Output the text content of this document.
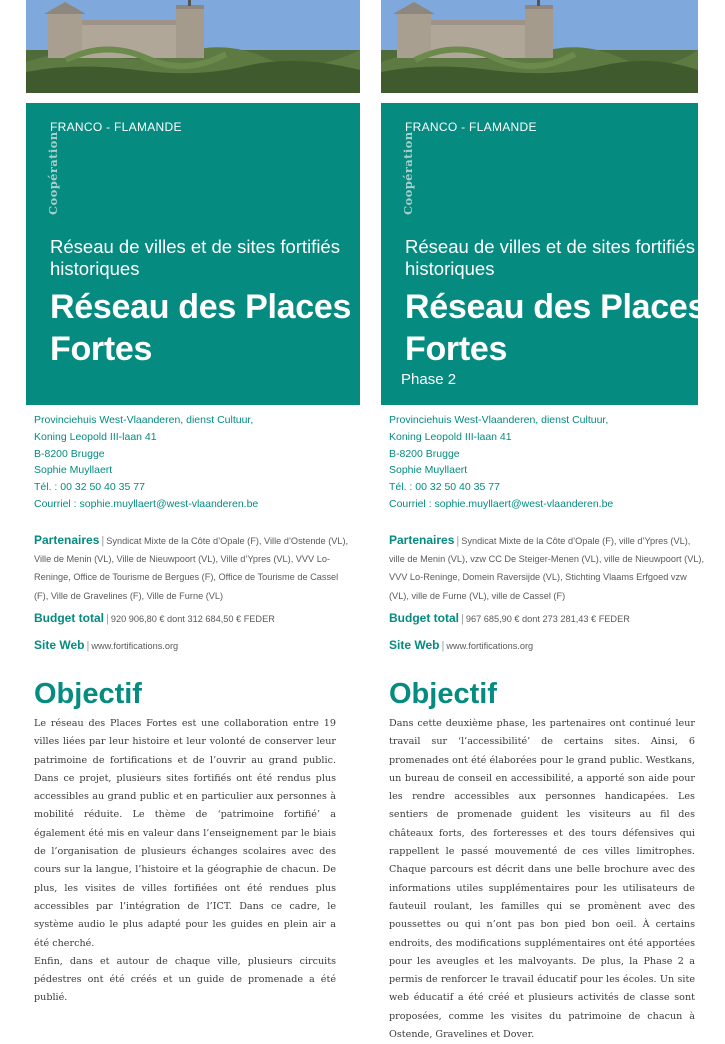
FRANCO - FLAMANDE
Coopération
Réseau de villes et de sites fortifiés historiques
Réseau des Places Fortes
Provinciehuis West-Vlaanderen, dienst Cultuur,
Koning Leopold III-laan 41
B-8200 Brugge
Sophie Muyllaert
Tél. : 00 32 50 40 35 77
Courriel : sophie.muyllaert@west-vlaanderen.be
Partenaires | Syndicat Mixte de la Côte d’Opale (F), Ville d’Ostende (VL), Ville de Menin (VL), Ville de Nieuwpoort (VL), Ville d’Ypres (VL), VVV Lo-Reninge, Office de Tourisme de Bergues (F), Office de Tourisme de Cassel (F), Ville de Gravelines (F), Ville de Furne (VL)
Budget total | 920 906,80 € dont 312 684,50 € FEDER
Site Web | www.fortifications.org
Objectif

Le réseau des Places Fortes est une collaboration entre 19 villes liées par leur histoire et leur volonté de conserver leur patrimoine de fortifications et de l’ouvrir au grand public. Dans ce projet, plusieurs sites fortifiés ont été rendus plus accessibles au grand public et en particulier aux personnes à mobilité réduite. Le thème de ‘patrimoine fortifié’ a également été mis en valeur dans l’enseignement par le biais de l’organisation de plusieurs échanges scolaires avec des cours sur la langue, l’histoire et la géographie de chacun. De plus, les visites de villes fortifiées ont été rendues plus accessibles par l’intégration de l’ICT. Dans ce cadre, le système audio le plus adapté pour les guides en plein air a été cherché.

Enfin, dans et autour de chaque ville, plusieurs circuits pédestres ont été créés et un guide de promenade a été publié.

FRANCO - FLAMANDE
Coopération
Réseau de villes et de sites fortifiés historiques
Réseau des Places Fortes
Phase 2
Provinciehuis West-Vlaanderen, dienst Cultuur,
Koning Leopold III-laan 41
B-8200 Brugge
Sophie Muyllaert
Tél. : 00 32 50 40 35 77
Courriel : sophie.muyllaert@west-vlaanderen.be
Partenaires | Syndicat Mixte de la Côte d’Opale (F), ville d’Ypres (VL), ville de Menin (VL), vzw CC De Steiger-Menen (VL), ville de Nieuwpoort (VL), VVV Lo-Reninge, Domein Raversijde (VL), Stichting Vlaams Erfgoed vzw (VL), ville de Furne (VL), ville de Cassel (F)
Budget total | 967 685,90 € dont 273 281,43 € FEDER
Site Web | www.fortifications.org
Objectif

Dans cette deuxième phase, les partenaires ont continué leur travail sur ‘l’accessibilité’ de certains sites. Ainsi, 6 promenades ont été élaborées pour le grand public. Westkans, un bureau de conseil en accessibilité, a apporté son aide pour les rendre accessibles aux personnes handicapées. Les sentiers de promenade guident les visiteurs au fil des châteaux forts, des forteresses et des tours défensives qui rappellent le passé mouvementé de ces villes limitrophes. Chaque parcours est décrit dans une belle brochure avec des informations utiles supplémentaires pour les utilisateurs de fauteuil roulant, les familles qui se promènent avec des poussettes ou qui n’ont pas bon pied bon oeil. À certains endroits, des modifications supplémentaires ont été apportées pour les aveugles et les malvoyants. De plus, la Phase 2 a permis de renforcer le travail éducatif pour les écoles. Un site web éducatif a été créé et plusieurs activités de classe sont proposées, comme les visites du patrimoine de chacun à Ostende, Gravelines et Dover.
